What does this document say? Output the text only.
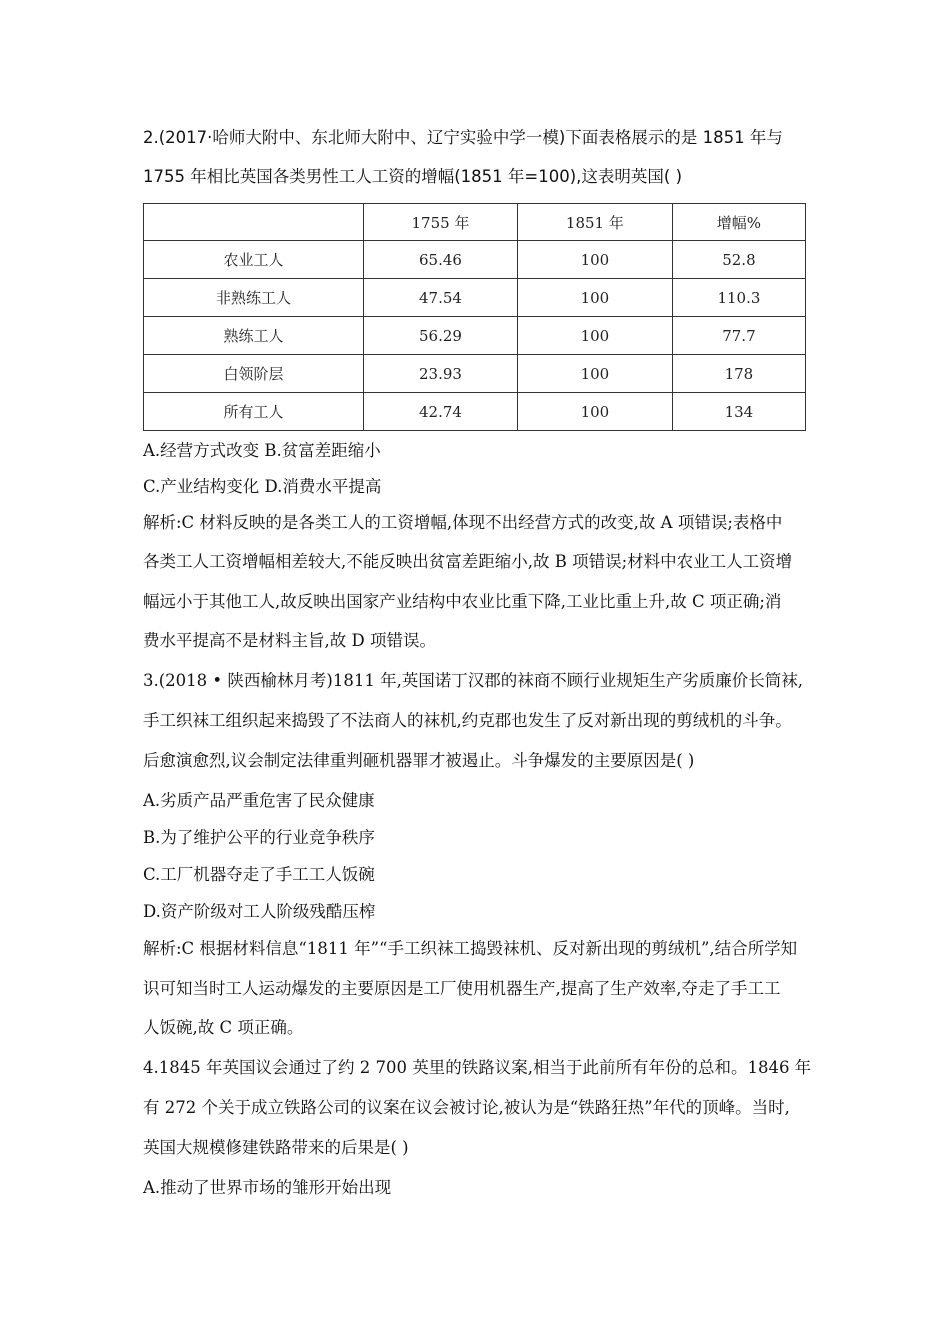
2.(2017·哈师大附中、东北师大附中、辽宁实验中学一模)下面表格展示的是 1851 年与
1755 年相比英国各类男性工人工资的增幅(1851 年=100),这表明英国( )
	1755 年	1851 年	增幅%
农业工人	65.46	100	52.8
非熟练工人	47.54	100	110.3
熟练工人	56.29	100	77.7
白领阶层	23.93	100	178
所有工人	42.74	100	134
A.经营方式改变 B.贫富差距缩小
C.产业结构变化 D.消费水平提高
解析:C 材料反映的是各类工人的工资增幅,体现不出经营方式的改变,故 A 项错误;表格中
各类工人工资增幅相差较大,不能反映出贫富差距缩小,故 B 项错误;材料中农业工人工资增
幅远小于其他工人,故反映出国家产业结构中农业比重下降,工业比重上升,故 C 项正确;消
费水平提高不是材料主旨,故 D 项错误。
3.(2018 • 陕西榆林月考)1811 年,英国诺丁汉郡的袜商不顾行业规矩生产劣质廉价长筒袜,
手工织袜工组织起来捣毁了不法商人的袜机,约克郡也发生了反对新出现的剪绒机的斗争。
后愈演愈烈,议会制定法律重判砸机器罪才被遏止。斗争爆发的主要原因是( )
A.劣质产品严重危害了民众健康
B.为了维护公平的行业竞争秩序
C.工厂机器夺走了手工工人饭碗
D.资产阶级对工人阶级残酷压榨
解析:C 根据材料信息“1811 年”“手工织袜工捣毁袜机、反对新出现的剪绒机”,结合所学知
识可知当时工人运动爆发的主要原因是工厂使用机器生产,提高了生产效率,夺走了手工工
人饭碗,故 C 项正确。
4.1845 年英国议会通过了约 2 700 英里的铁路议案,相当于此前所有年份的总和。1846 年
有 272 个关于成立铁路公司的议案在议会被讨论,被认为是“铁路狂热”年代的顶峰。当时,
英国大规模修建铁路带来的后果是( )
A.推动了世界市场的雏形开始出现
